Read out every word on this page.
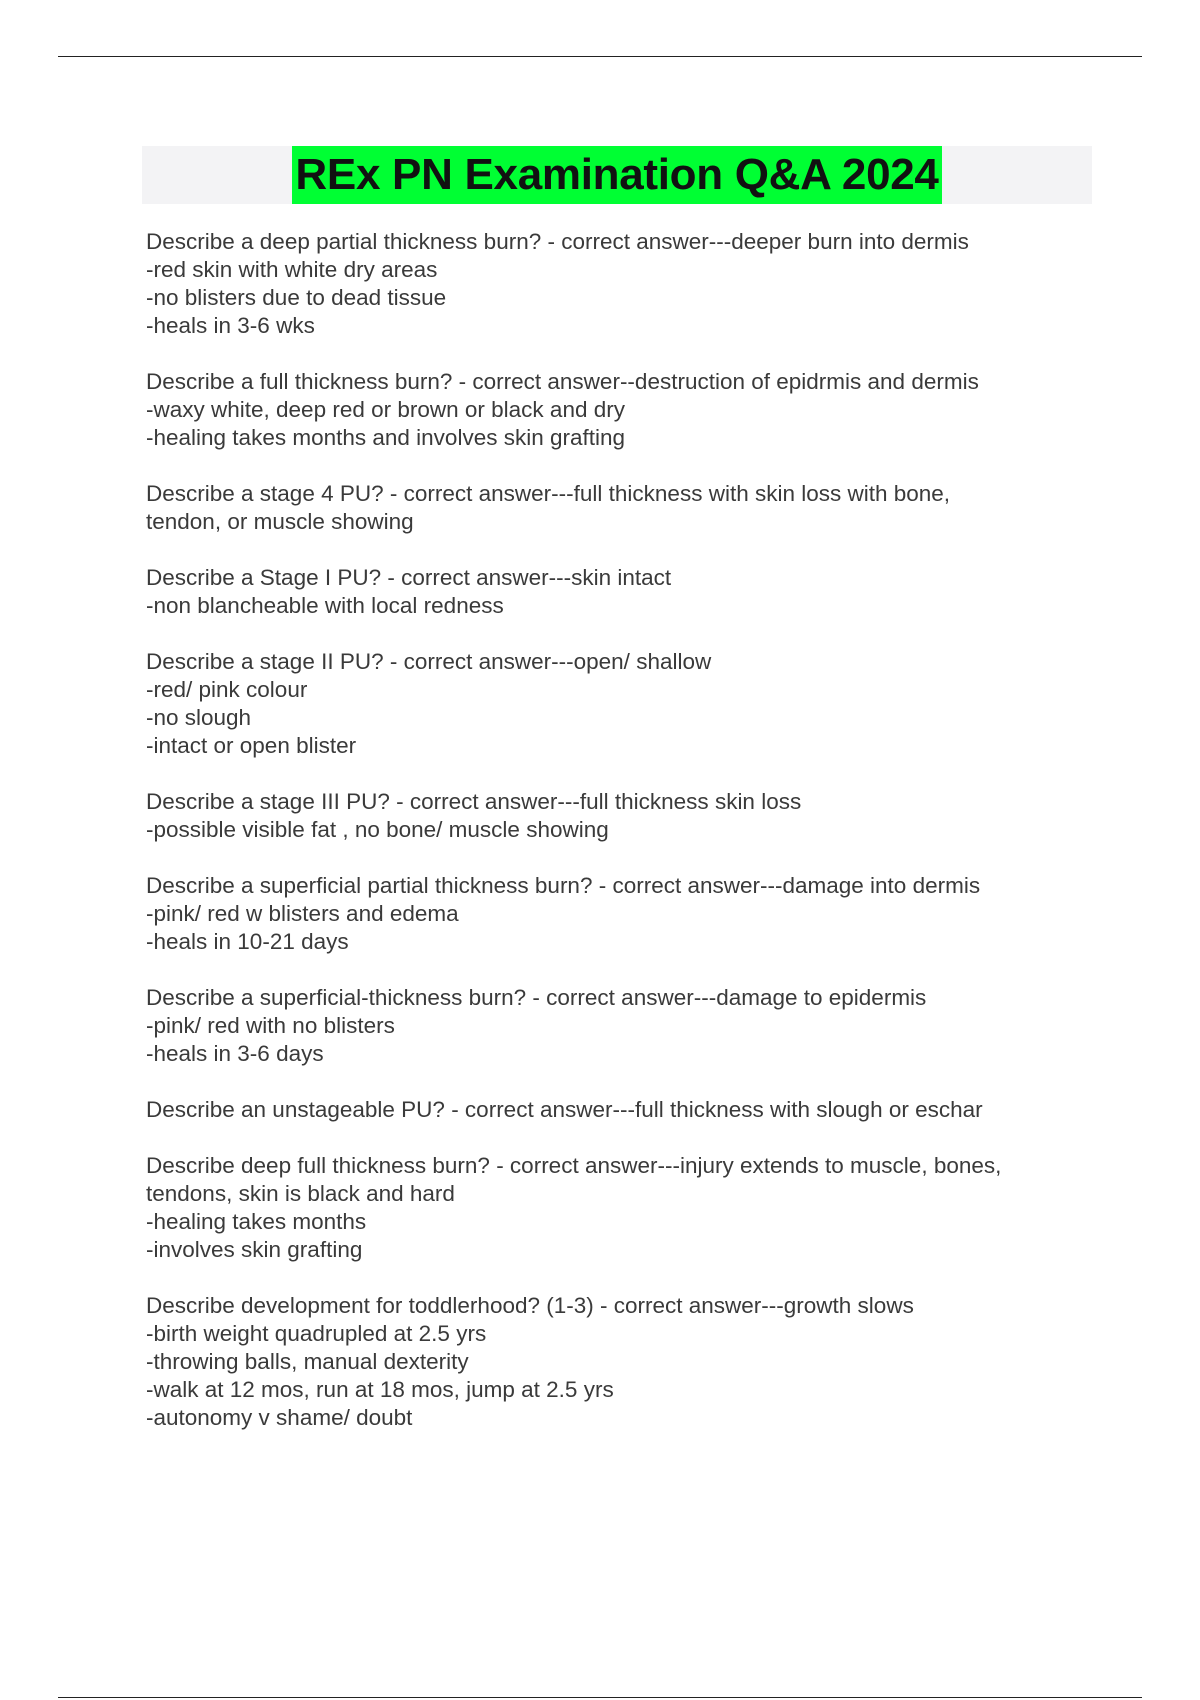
REx PN Examination Q&A 2024
Describe a deep partial thickness burn? - correct answer---deeper burn into dermis
-red skin with white dry areas
-no blisters due to dead tissue
-heals in 3-6 wks
Describe a full thickness burn? - correct answer--destruction of epidrmis and dermis
-waxy white, deep red or brown or black and dry
-healing takes months and involves skin grafting
Describe a stage 4 PU? - correct answer---full thickness with skin loss with bone,
tendon, or muscle showing
Describe a Stage I PU? - correct answer---skin intact
-non blancheable with local redness
Describe a stage II PU? - correct answer---open/ shallow
-red/ pink colour
-no slough
-intact or open blister
Describe a stage III PU? - correct answer---full thickness skin loss
-possible visible fat , no bone/ muscle showing
Describe a superficial partial thickness burn? - correct answer---damage into dermis
-pink/ red w blisters and edema
-heals in 10-21 days
Describe a superficial-thickness burn? - correct answer---damage to epidermis
-pink/ red with no blisters
-heals in 3-6 days
Describe an unstageable PU? - correct answer---full thickness with slough or eschar
Describe deep full thickness burn? - correct answer---injury extends to muscle, bones,
tendons, skin is black and hard
-healing takes months
-involves skin grafting
Describe development for toddlerhood? (1-3) - correct answer---growth slows
-birth weight quadrupled at 2.5 yrs
-throwing balls, manual dexterity
-walk at 12 mos, run at 18 mos, jump at 2.5 yrs
-autonomy v shame/ doubt
